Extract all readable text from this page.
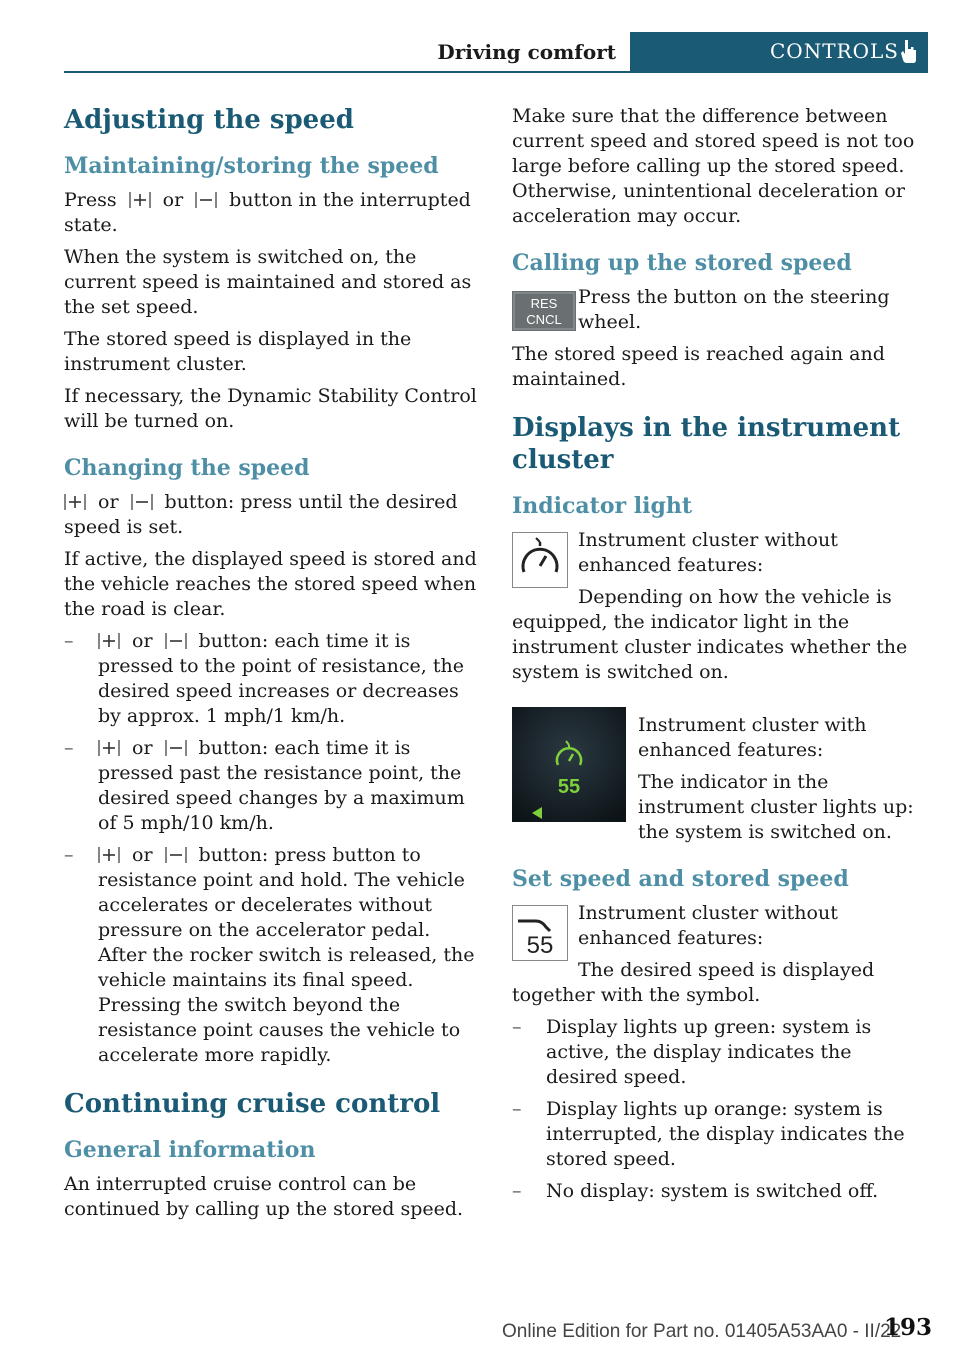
Driving comfort	CONTROLS
Adjusting the speed
Maintaining/storing the speed

Press or button in the interrupted state.

When the system is switched on, the current speed is maintained and stored as the set speed.

The stored speed is displayed in the instrument cluster.

If necessary, the Dynamic Stability Control will be turned on.

Changing the speed

or button: press until the desired speed is set.

If active, the displayed speed is stored and the vehicle reaches the stored speed when the road is clear.

–	or button: each time it is pressed to the point of resistance, the desired speed increases or decreases by approx. 1 mph/1 km/h.
–	or button: each time it is pressed past the resistance point, the desired speed changes by a maximum of 5 mph/10 km/h.
–	or button: press button to resistance point and hold. The vehicle accelerates or decelerates without pressure on the accelerator pedal. After the rocker switch is released, the vehicle maintains its final speed. Pressing the switch beyond the resistance point causes the vehicle to accelerate more rapidly.
Continuing cruise control
General information

An interrupted cruise control can be continued by calling up the stored speed.

Make sure that the difference between current speed and stored speed is not too large before calling up the stored speed. Otherwise, unintentional deceleration or acceleration may occur.

Calling up the stored speed
RES
CNCL

Press the button on the steering wheel.

The stored speed is reached again and maintained.

Displays in the instrument cluster
Indicator light

Instrument cluster without enhanced features:

Depending on how the vehicle is equipped, the indicator light in the instrument cluster indicates whether the system is switched on.

55

Instrument cluster with enhanced features:

The indicator in the instrument cluster lights up: the system is switched on.

Set speed and stored speed
55

Instrument cluster without enhanced features:

The desired speed is displayed together with the symbol.

– Display lights up green: system is active, the display indicates the desired speed.
– Display lights up orange: system is interrupted, the display indicates the stored speed.
– No display: system is switched off.
Online Edition for Part no. 01405A53AA0 - II/22
193
